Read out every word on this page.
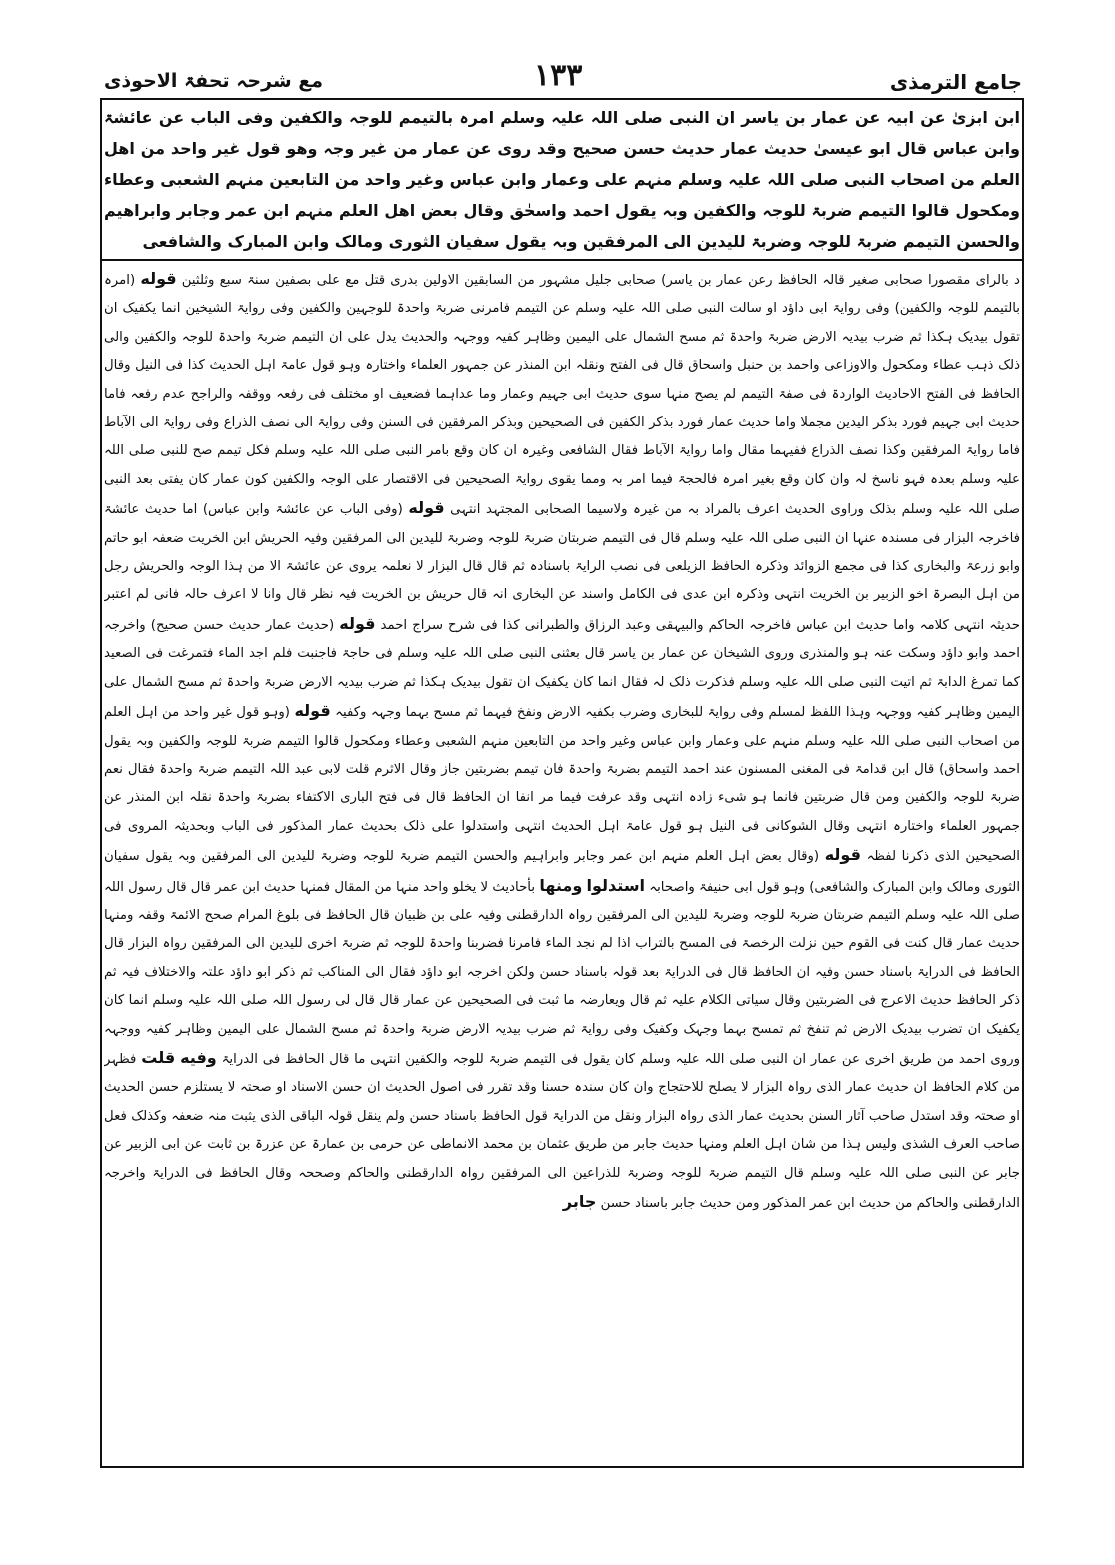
جامع الترمذی
۱۳۳
مع شرحہ تحفۃ الاحوذی

ابن ابزیٰ عن ابیہ عن عمار بن یاسر ان النبی صلی اللہ علیہ وسلم امرہ بالتیمم للوجہ والکفین وفی الباب عن عائشۃ وابن عباس قال ابو عیسیٰ حدیث عمار حدیث حسن صحیح وقد روی عن عمار من غیر وجہ وھو قول غیر واحد من اھل العلم من اصحاب النبی صلی اللہ علیہ وسلم منہم علی وعمار وابن عباس وغیر واحد من التابعین منہم الشعبی وعطاء ومکحول قالوا التیمم ضربۃ للوجہ والکفین وبہ یقول احمد واسحٰق وقال بعض اھل العلم منہم ابن عمر وجابر وابراھیم والحسن التیمم ضربۃ للوجہ وضربۃ للیدین الی المرفقین وبہ یقول سفیان الثوری ومالک وابن المبارک والشافعی

د بالرای مقصورا صحابی صغیر قالہ الحافظ رعن عمار بن یاسر) صحابی جلیل مشہور من السابقین الاولین بدری قتل مع علی بصفین سنۃ سبع وثلثین قوله (امرہ بالتیمم للوجہ والکفین) وفی روایۃ ابی داؤد او سالت النبی صلی اللہ علیہ وسلم عن التیمم فامرنی ضربۃ واحدۃ للوجہین والکفین وفی روایۃ الشیخین انما یکفیک ان تقول بیدیک ہکذا ثم ضرب بیدیہ الارض ضربۃ واحدۃ ثم مسح الشمال علی الیمین وظاہر کفیہ ووجہہ والحدیث یدل علی ان التیمم ضربۃ واحدۃ للوجہ والکفین والی ذلک ذہب عطاء ومکحول والاوزاعی واحمد بن حنبل واسحاق قال فی الفتح ونقلہ ابن المنذر عن جمہور العلماء واختارہ وہو قول عامۃ اہل الحدیث کذا فی النیل وقال الحافظ فی الفتح الاحادیث الواردۃ فی صفۃ التیمم لم یصح منہا سوی حدیث ابی جہیم وعمار وما عداہما فضعیف او مختلف فی رفعہ ووقفہ والراجح عدم رفعہ فاما حدیث ابی جہیم فورد بذکر الیدین مجملا واما حدیث عمار فورد بذکر الکفین فی الصحیحین وبذکر المرفقین فی السنن وفی روایۃ الی نصف الذراع وفی روایۃ الی الآباط فاما روایۃ المرفقین وکذا نصف الذراع ففیہما مقال واما روایۃ الآباط فقال الشافعی وغیرہ ان کان وقع بامر النبی صلی اللہ علیہ وسلم فکل تیمم صح للنبی صلی اللہ علیہ وسلم بعدہ فہو ناسخ لہ وان کان وقع بغیر امرہ فالحجۃ فیما امر بہ ومما یقوی روایۃ الصحیحین فی الاقتصار علی الوجہ والکفین کون عمار کان یفتی بعد النبی صلی اللہ علیہ وسلم بذلک وراوی الحدیث اعرف بالمراد بہ من غیرہ ولاسیما الصحابی المجتہد انتہی قوله (وفی الباب عن عائشۃ وابن عباس) اما حدیث عائشۃ فاخرجہ البزار فی مسندہ عنہا ان النبی صلی اللہ علیہ وسلم قال فی التیمم ضربتان ضربۃ للوجہ وضربۃ للیدین الی المرفقین وفیہ الحریش ابن الخریت ضعفہ ابو حاتم وابو زرعۃ والبخاری کذا فی مجمع الزوائد وذکرہ الحافظ الزیلعی فی نصب الرایۃ باسنادہ ثم قال قال البزار لا نعلمہ یروی عن عائشۃ الا من ہذا الوجہ والحریش رجل من اہل البصرۃ اخو الزبیر بن الخریت انتہی وذکرہ ابن عدی فی الکامل واسند عن البخاری انہ قال حریش بن الخریت فیہ نظر قال وانا لا اعرف حالہ فانی لم اعتبر حدیثہ انتہی کلامہ واما حدیث ابن عباس فاخرجہ الحاکم والبیہقی وعبد الرزاق والطبرانی کذا فی شرح سراج احمد قوله (حدیث عمار حدیث حسن صحیح) واخرجہ احمد وابو داؤد وسکت عنہ ہو والمنذری وروی الشیخان عن عمار بن یاسر قال بعثنی النبی صلی اللہ علیہ وسلم فی حاجۃ فاجنبت فلم اجد الماء فتمرغت فی الصعید کما تمرغ الدابۃ ثم اتیت النبی صلی اللہ علیہ وسلم فذکرت ذلک لہ فقال انما کان یکفیک ان تقول بیدیک ہکذا ثم ضرب بیدیہ الارض ضربۃ واحدۃ ثم مسح الشمال علی الیمین وظاہر کفیہ ووجہہ وہذا اللفظ لمسلم وفی روایۃ للبخاری وضرب بکفیہ الارض ونفخ فیہما ثم مسح بہما وجہہ وکفیہ قوله (وہو قول غیر واحد من اہل العلم من اصحاب النبی صلی اللہ علیہ وسلم منہم علی وعمار وابن عباس وغیر واحد من التابعین منہم الشعبی وعطاء ومکحول قالوا التیمم ضربۃ للوجہ والکفین وبہ یقول احمد واسحاق) قال ابن قدامۃ فی المغنی المسنون عند احمد التیمم بضربۃ واحدۃ فان تیمم بضربتین جاز وقال الاثرم قلت لابی عبد اللہ التیمم ضربۃ واحدۃ فقال نعم ضربۃ للوجہ والکفین ومن قال ضربتین فانما ہو شیء زادہ انتہی وقد عرفت فیما مر انفا ان الحافظ قال فی فتح الباری الاکتفاء بضربۃ واحدۃ نقلہ ابن المنذر عن جمہور العلماء واختارہ انتہی وقال الشوکانی فی النیل ہو قول عامۃ اہل الحدیث انتہی واستدلوا علی ذلک بحدیث عمار المذکور فی الباب وبحدیثہ المروی فی الصحیحین الذی ذکرنا لفظہ قوله (وقال بعض اہل العلم منہم ابن عمر وجابر وابراہیم والحسن التیمم ضربۃ للوجہ وضربۃ للیدین الی المرفقین وبہ یقول سفیان الثوری ومالک وابن المبارک والشافعی) وہو قول ابی حنیفۃ واصحابہ استدلوا ومنها بأحادیث لا یخلو واحد منہا من المقال فمنہا حدیث ابن عمر قال قال رسول اللہ صلی اللہ علیہ وسلم التیمم ضربتان ضربۃ للوجہ وضربۃ للیدین الی المرفقین رواہ الدارقطنی وفیہ علی بن ظبیان قال الحافظ فی بلوغ المرام صحح الائمۃ وقفہ ومنہا حدیث عمار قال کنت فی القوم حین نزلت الرخصۃ فی المسح بالتراب اذا لم نجد الماء فامرنا فضربنا واحدۃ للوجہ ثم ضربۃ اخری للیدین الی المرفقین رواہ البزار قال الحافظ فی الدرایۃ باسناد حسن وفیہ ان الحافظ قال فی الدرایۃ بعد قولہ باسناد حسن ولکن اخرجہ ابو داؤد فقال الی المناکب ثم ذکر ابو داؤد علتہ والاختلاف فیہ ثم ذکر الحافظ حدیث الاعرج فی الضربتین وقال سیاتی الکلام علیہ ثم قال ویعارضہ ما ثبت فی الصحیحین عن عمار قال قال لی رسول اللہ صلی اللہ علیہ وسلم انما کان یکفیک ان تضرب بیدیک الارض ثم تنفخ ثم تمسح بہما وجہک وکفیک وفی روایۃ ثم ضرب بیدیہ الارض ضربۃ واحدۃ ثم مسح الشمال علی الیمین وظاہر کفیہ ووجہہ وروی احمد من طریق اخری عن عمار ان النبی صلی اللہ علیہ وسلم کان یقول فی التیمم ضربۃ للوجہ والکفین انتہی ما قال الحافظ فی الدرایۃ وفيه قلت فظہر من کلام الحافظ ان حدیث عمار الذی رواہ البزار لا یصلح للاحتجاج وان کان سندہ حسنا وقد تقرر فی اصول الحدیث ان حسن الاسناد او صحتہ لا یستلزم حسن الحدیث او صحتہ وقد استدل صاحب آثار السنن بحدیث عمار الذی رواہ البزار ونقل من الدرایۃ قول الحافظ باسناد حسن ولم ینقل قولہ الباقی الذی یثبت منہ ضعفہ وکذلک فعل صاحب العرف الشذی ولیس ہذا من شان اہل العلم ومنہا حدیث جابر من طریق عثمان بن محمد الانماطی عن حرمی بن عمارۃ عن عزرۃ بن ثابت عن ابی الزبیر عن جابر عن النبی صلی اللہ علیہ وسلم قال التیمم ضربۃ للوجہ وضربۃ للذراعین الی المرفقین رواہ الدارقطنی والحاکم وصححہ وقال الحافظ فی الدرایۃ واخرجہ الدارقطنی والحاکم من حدیث ابن عمر المذکور ومن حدیث جابر باسناد حسن جابر
